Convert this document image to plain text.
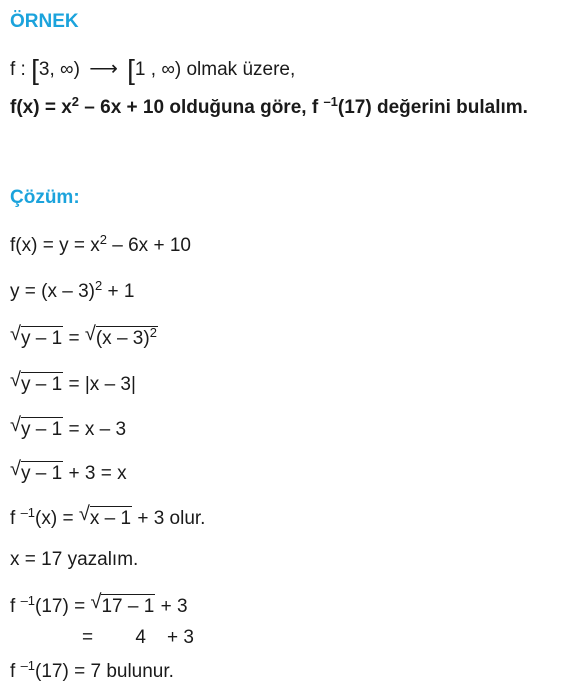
ÖRNEK
f : [3, ∞) ⟶ [1 , ∞) olmak üzere,
$f(x) = x^2 - 6x + 10$ olduğuna göre, f $^{-1}$(17) değerini bulalım.
Çözüm:
$f(x) = y = x^2 - 6x + 10$
y = (x – 3)$^2$ + 1
√ y – 1 = √ (x – 3)$^2$
√ y – 1 = |x – 3|
√ y – 1 = x – 3
√ y – 1 + 3 = x
f $^{-1}$(x) = √ x – 1 + 3 olur.
x = 17 yazalım.
f $^{-1}$(17) = √ 17 – 1 + 3
=        4    + 3
f $^{-1}$(17) = 7 bulunur.
